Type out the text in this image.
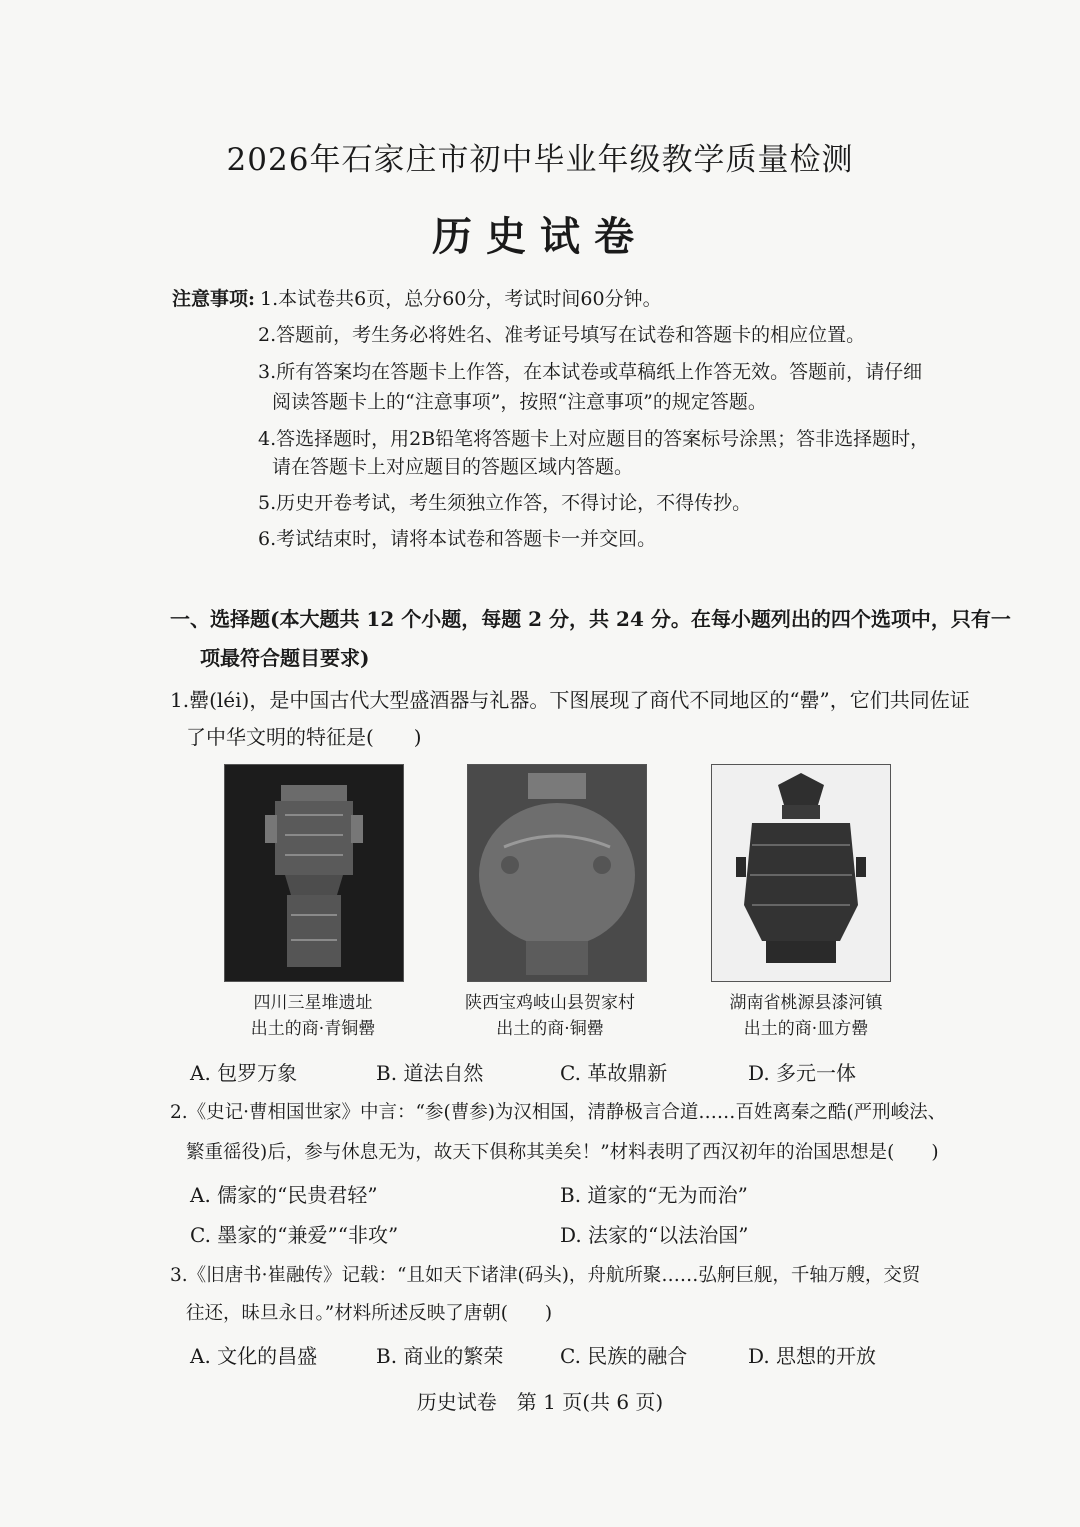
2026年石家庄市初中毕业年级教学质量检测
历史试卷
注意事项: 1.本试卷共6页，总分60分，考试时间60分钟。
2.答题前，考生务必将姓名、准考证号填写在试卷和答题卡的相应位置。
3.所有答案均在答题卡上作答，在本试卷或草稿纸上作答无效。答题前，请仔细
阅读答题卡上的“注意事项”，按照“注意事项”的规定答题。
4.答选择题时，用2B铅笔将答题卡上对应题目的答案标号涂黑；答非选择题时，
请在答题卡上对应题目的答题区域内答题。
5.历史开卷考试，考生须独立作答，不得讨论，不得传抄。
6.考试结束时，请将本试卷和答题卡一并交回。
一、选择题(本大题共 12 个小题，每题 2 分，共 24 分。在每小题列出的四个选项中，只有一
项最符合题目要求)
1.罍(léi)，是中国古代大型盛酒器与礼器。下图展现了商代不同地区的“罍”，它们共同佐证
了中华文明的特征是(　　)
四川三星堆遗址
出土的商·青铜罍
陕西宝鸡岐山县贺家村
出土的商·铜罍
湖南省桃源县漆河镇
出土的商·皿方罍
A. 包罗万象	B. 道法自然	C. 革故鼎新	D. 多元一体
2.《史记·曹相国世家》中言：“参(曹参)为汉相国，清静极言合道……百姓离秦之酷(严刑峻法、
繁重徭役)后，参与休息无为，故天下俱称其美矣！”材料表明了西汉初年的治国思想是(　　)
A. 儒家的“民贵君轻”	B. 道家的“无为而治”
C. 墨家的“兼爱”“非攻”	D. 法家的“以法治国”
3.《旧唐书·崔融传》记载：“且如天下诸津(码头)，舟航所聚……弘舸巨舰，千轴万艘，交贸
往还，昧旦永日。”材料所述反映了唐朝(　　)
A. 文化的昌盛	B. 商业的繁荣	C. 民族的融合	D. 思想的开放
历史试卷　第 1 页(共 6 页)
